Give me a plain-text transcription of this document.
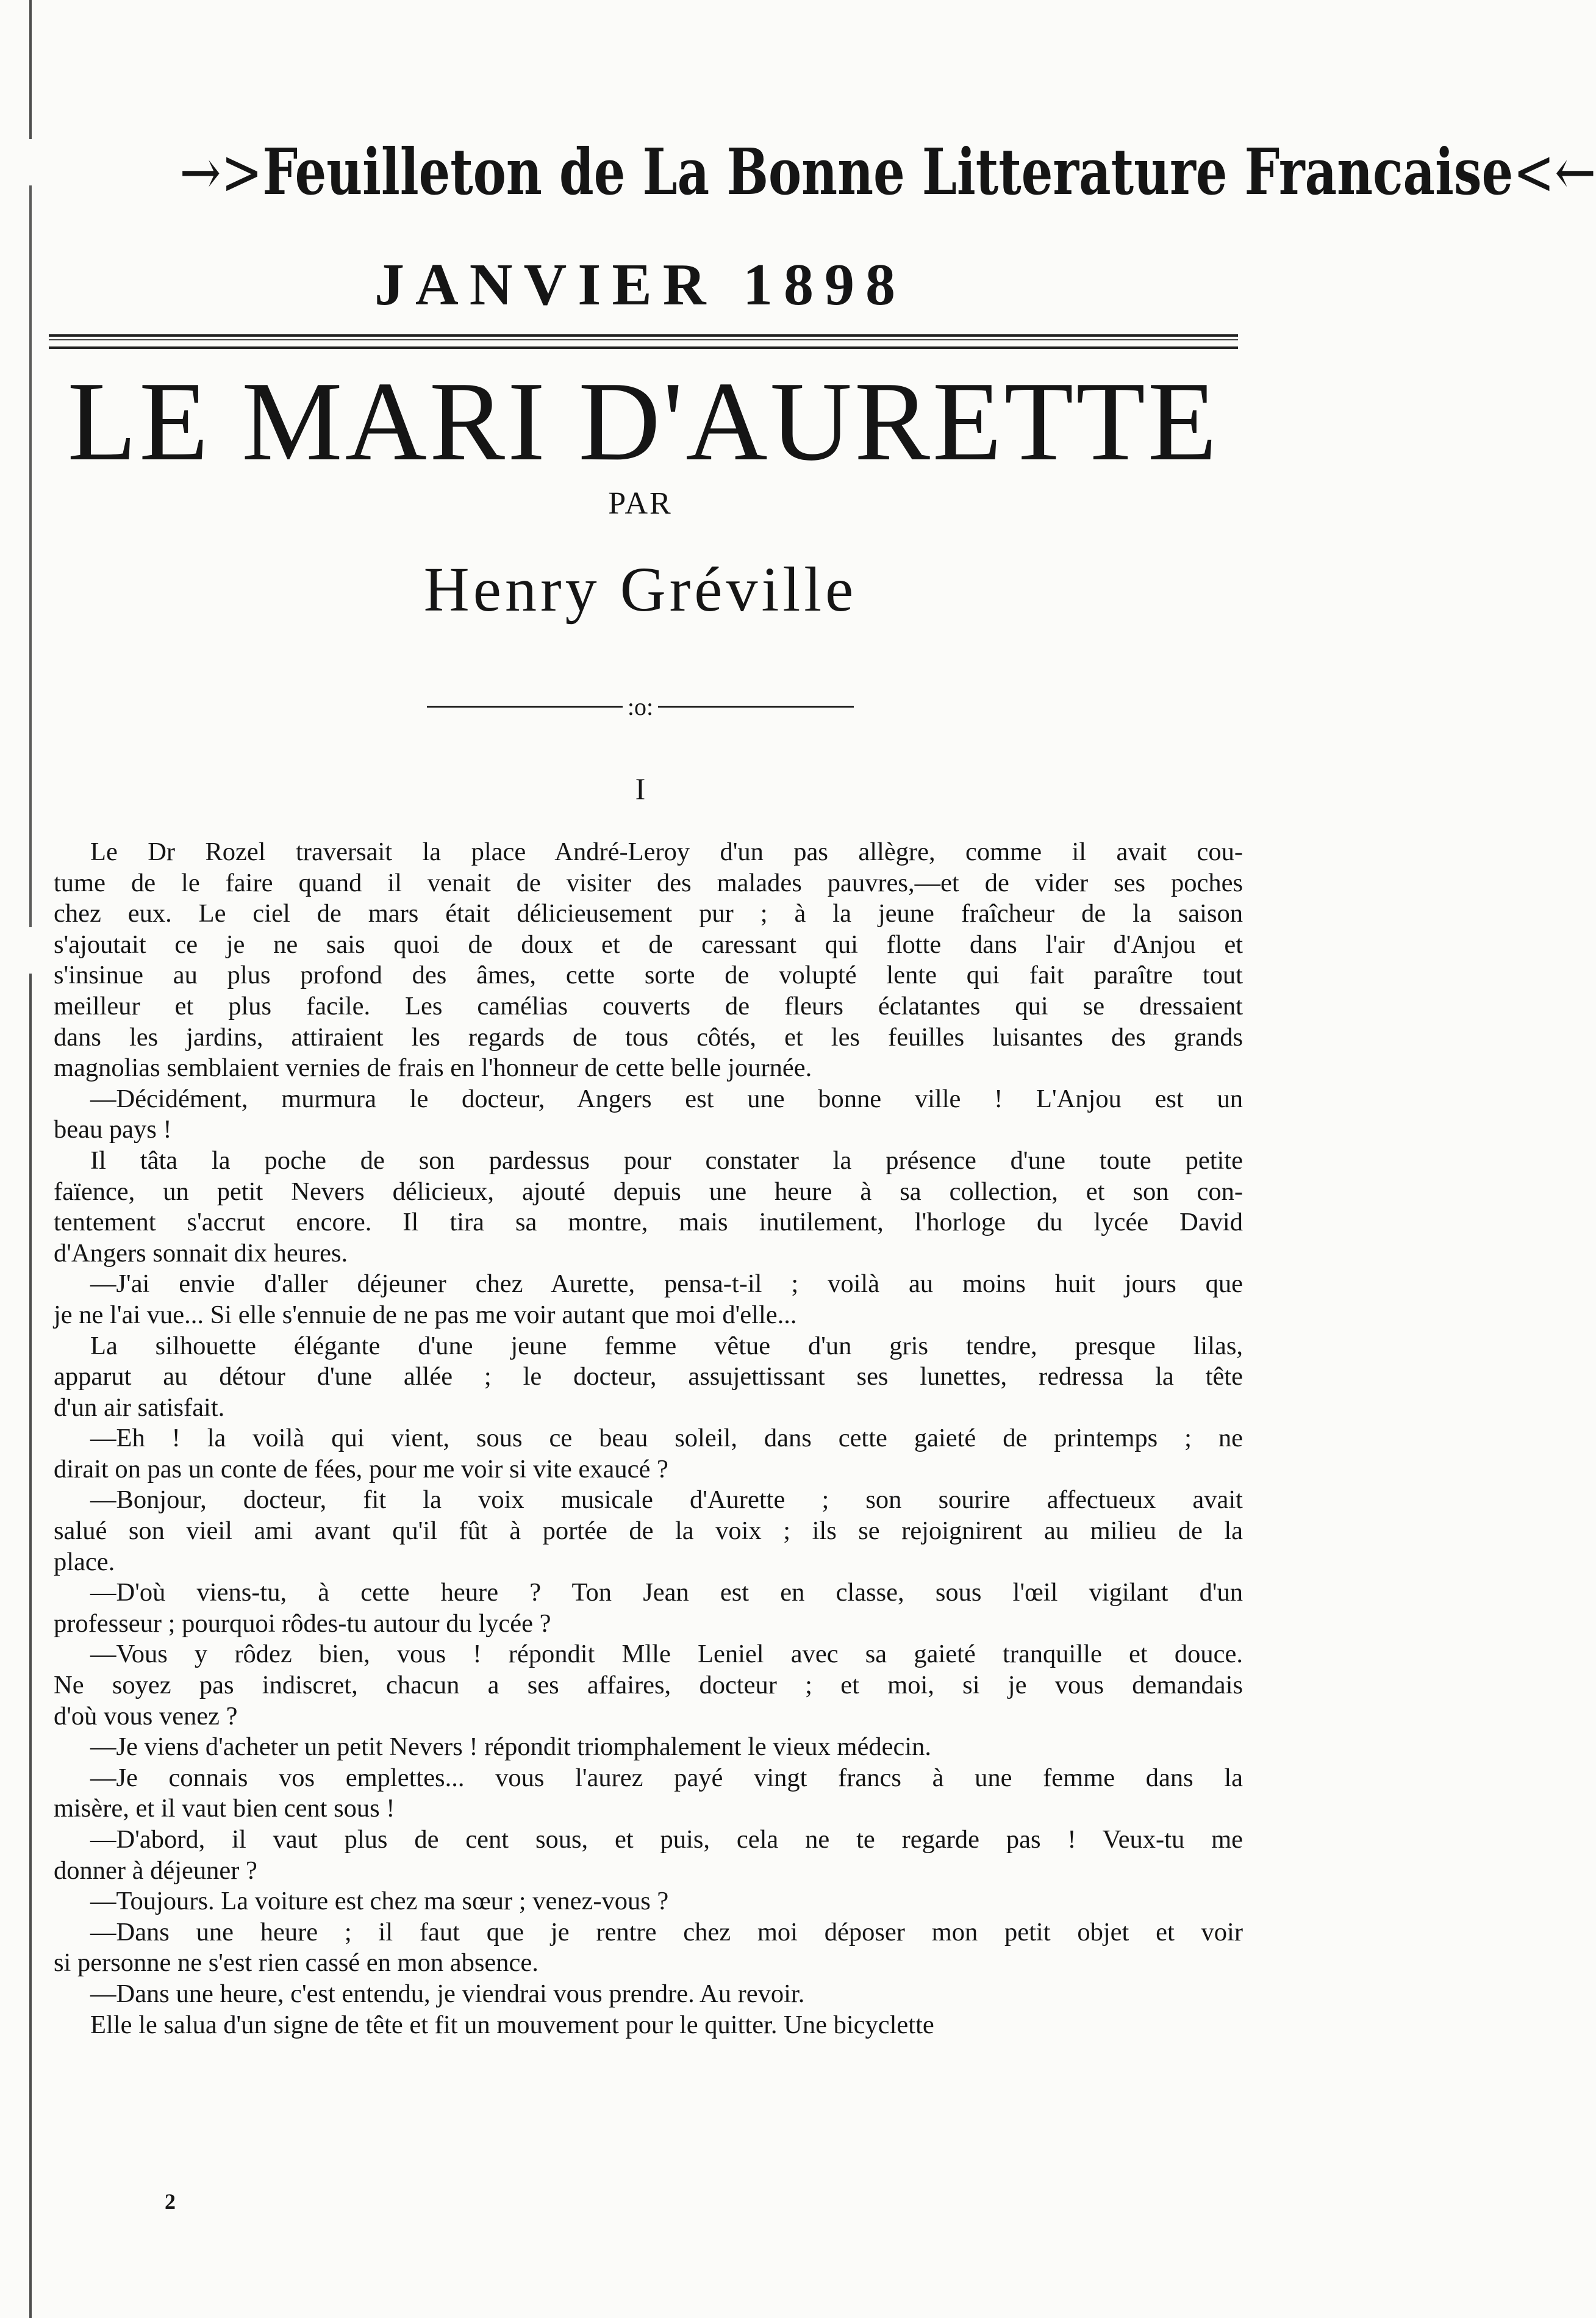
→>Feuilleton de La Bonne Litterature Francaise<←
JANVIER 1898
LE MARI D'AURETTE
PAR
Henry Gréville
:o:
I
Le Dr Rozel traversait la place André-Leroy d'un pas allègre, comme il avait cou-
tume de le faire quand il venait de visiter des malades pauvres,—et de vider ses poches
chez eux. Le ciel de mars était délicieusement pur ; à la jeune fraîcheur de la saison
s'ajoutait ce je ne sais quoi de doux et de caressant qui flotte dans l'air d'Anjou et
s'insinue au plus profond des âmes, cette sorte de volupté lente qui fait paraître tout
meilleur et plus facile. Les camélias couverts de fleurs éclatantes qui se dressaient
dans les jardins, attiraient les regards de tous côtés, et les feuilles luisantes des grands
magnolias semblaient vernies de frais en l'honneur de cette belle journée.
—Décidément, murmura le docteur, Angers est une bonne ville ! L'Anjou est un
beau pays !
Il tâta la poche de son pardessus pour constater la présence d'une toute petite
faïence, un petit Nevers délicieux, ajouté depuis une heure à sa collection, et son con-
tentement s'accrut encore. Il tira sa montre, mais inutilement, l'horloge du lycée David
d'Angers sonnait dix heures.
—J'ai envie d'aller déjeuner chez Aurette, pensa-t-il ; voilà au moins huit jours que
je ne l'ai vue... Si elle s'ennuie de ne pas me voir autant que moi d'elle...
La silhouette élégante d'une jeune femme vêtue d'un gris tendre, presque lilas,
apparut au détour d'une allée ; le docteur, assujettissant ses lunettes, redressa la tête
d'un air satisfait.
—Eh ! la voilà qui vient, sous ce beau soleil, dans cette gaieté de printemps ; ne
dirait on pas un conte de fées, pour me voir si vite exaucé ?
—Bonjour, docteur, fit la voix musicale d'Aurette ; son sourire affectueux avait
salué son vieil ami avant qu'il fût à portée de la voix ; ils se rejoignirent au milieu de la
place.
—D'où viens-tu, à cette heure ? Ton Jean est en classe, sous l'œil vigilant d'un
professeur ; pourquoi rôdes-tu autour du lycée ?
—Vous y rôdez bien, vous ! répondit Mlle Leniel avec sa gaieté tranquille et douce.
Ne soyez pas indiscret, chacun a ses affaires, docteur ; et moi, si je vous demandais
d'où vous venez ?
—Je viens d'acheter un petit Nevers ! répondit triomphalement le vieux médecin.
—Je connais vos emplettes... vous l'aurez payé vingt francs à une femme dans la
misère, et il vaut bien cent sous !
—D'abord, il vaut plus de cent sous, et puis, cela ne te regarde pas ! Veux-tu me
donner à déjeuner ?
—Toujours. La voiture est chez ma sœur ; venez-vous ?
—Dans une heure ; il faut que je rentre chez moi déposer mon petit objet et voir
si personne ne s'est rien cassé en mon absence.
—Dans une heure, c'est entendu, je viendrai vous prendre. Au revoir.
Elle le salua d'un signe de tête et fit un mouvement pour le quitter. Une bicyclette
2
